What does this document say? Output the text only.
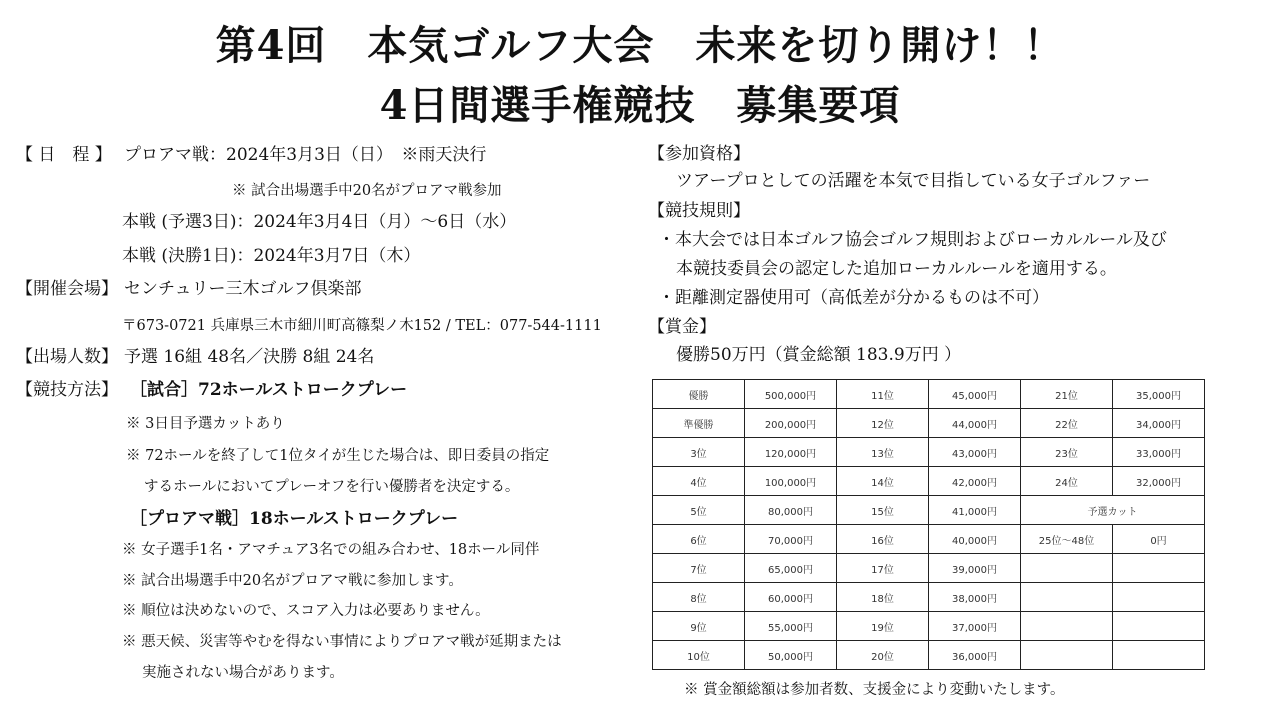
第4回　本気ゴルフ大会　未来を切り開け！！
4日間選手権競技　募集要項
【 日　程 】 プロアマ戦：2024年3月3日（日）　※雨天決行
※ 試合出場選手中20名がプロアマ戦参加
本戦 (予選3日)：2024年3月4日（月）～6日（水）
本戦 (決勝1日)：2024年3月7日（木）
【開催会場】 センチュリー三木ゴルフ倶楽部
〒673-0721 兵庫県三木市細川町高篠梨ノ木152 / TEL：077-544-1111
【出場人数】 予選 16組 48名／決勝 8組 24名
【競技方法】 ［試合］72ホールストロークプレー
※ 3日目予選カットあり
※ 72ホールを終了して1位タイが生じた場合は、即日委員の指定
するホールにおいてプレーオフを行い優勝者を決定する。
［プロアマ戦］18ホールストロークプレー
※ 女子選手1名・アマチュア3名での組み合わせ、18ホール同伴
※ 試合出場選手中20名がプロアマ戦に参加します。
※ 順位は決めないので、スコア入力は必要ありません。
※ 悪天候、災害等やむを得ない事情によりプロアマ戦が延期または
実施されない場合があります。
【参加資格】
ツアープロとしての活躍を本気で目指している女子ゴルファー
【競技規則】
・本大会では日本ゴルフ協会ゴルフ規則およびローカルルール及び
本競技委員会の認定した追加ローカルルールを適用する。
・距離測定器使用可（高低差が分かるものは不可）
【賞金】
優勝50万円（賞金総額 183.9万円 ）
優勝	500,000円	11位	45,000円	21位	35,000円
準優勝	200,000円	12位	44,000円	22位	34,000円
3位	120,000円	13位	43,000円	23位	33,000円
4位	100,000円	14位	42,000円	24位	32,000円
5位	80,000円	15位	41,000円	予選カット	
6位	70,000円	16位	40,000円	25位～48位	0円
7位	65,000円	17位	39,000円		
8位	60,000円	18位	38,000円		
9位	55,000円	19位	37,000円		
10位	50,000円	20位	36,000円		
※ 賞金額総額は参加者数、支援金により変動いたします。
